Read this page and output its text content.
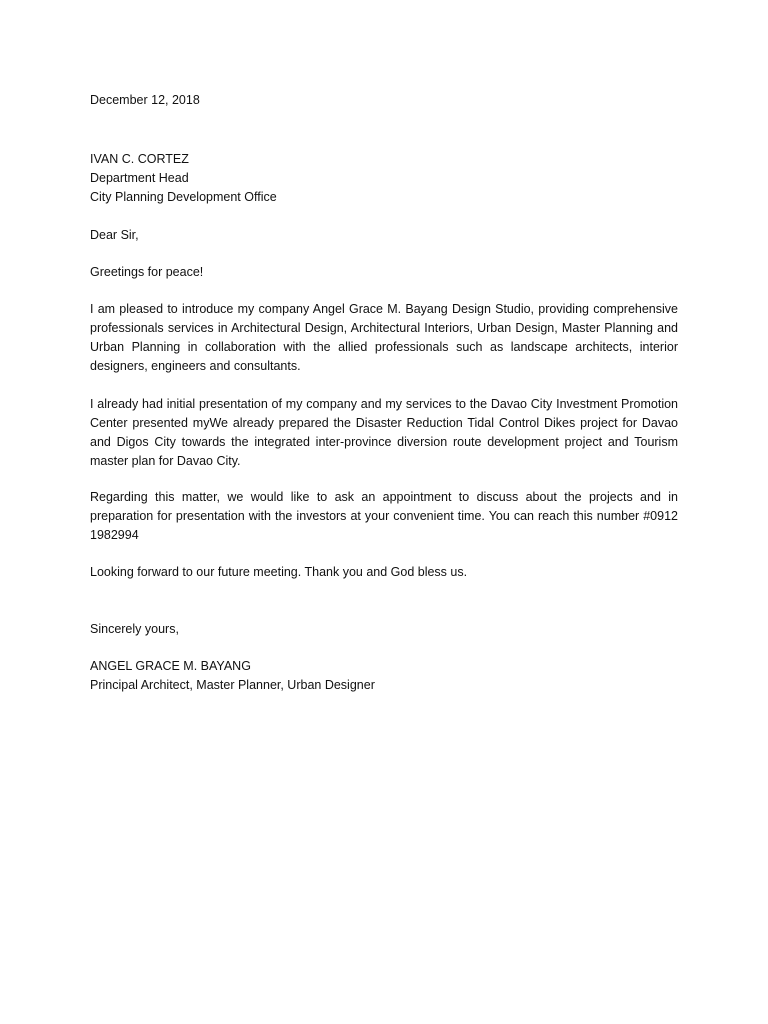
December 12, 2018
IVAN C. CORTEZ
Department Head
City Planning Development Office
Dear Sir,
Greetings for peace!
I am pleased to introduce my company Angel Grace M. Bayang Design Studio, providing comprehensive professionals services in Architectural Design, Architectural Interiors, Urban Design, Master Planning and Urban Planning in collaboration with the allied professionals such as landscape architects, interior designers, engineers and consultants.
I already had initial presentation of my company and my services to the Davao City Investment Promotion Center presented myWe already prepared the Disaster Reduction Tidal Control Dikes project for Davao and Digos City towards the integrated inter-province diversion route development project and Tourism master plan for Davao City.
Regarding this matter, we would like to ask an appointment to discuss about the projects and in preparation for presentation with the investors at your convenient time. You can reach this number #0912 1982994
Looking forward to our future meeting. Thank you and God bless us.
Sincerely yours,
ANGEL GRACE M. BAYANG
Principal Architect, Master Planner, Urban Designer
